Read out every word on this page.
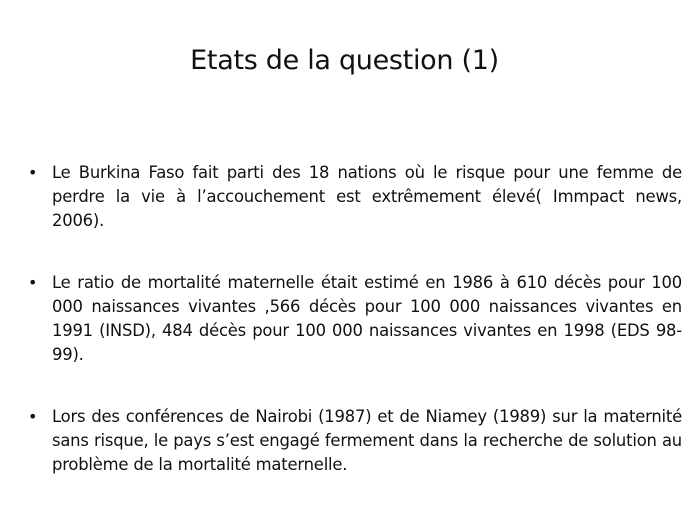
Etats de la question (1)
• Le Burkina Faso fait parti des 18 nations où le risque pour une femme de perdre la vie à l’accouchement est extrêmement élevé( Immpact news, 2006).
• Le ratio de mortalité maternelle était estimé en 1986 à 610 décès pour 100 000 naissances vivantes ,566 décès pour 100 000 naissances vivantes en 1991 (INSD), 484 décès pour 100 000 naissances vivantes en 1998 (EDS 98-99).
• Lors des conférences de Nairobi (1987) et de Niamey (1989) sur la maternité sans risque, le pays s’est engagé fermement dans la recherche de solution au problème de la mortalité maternelle.
